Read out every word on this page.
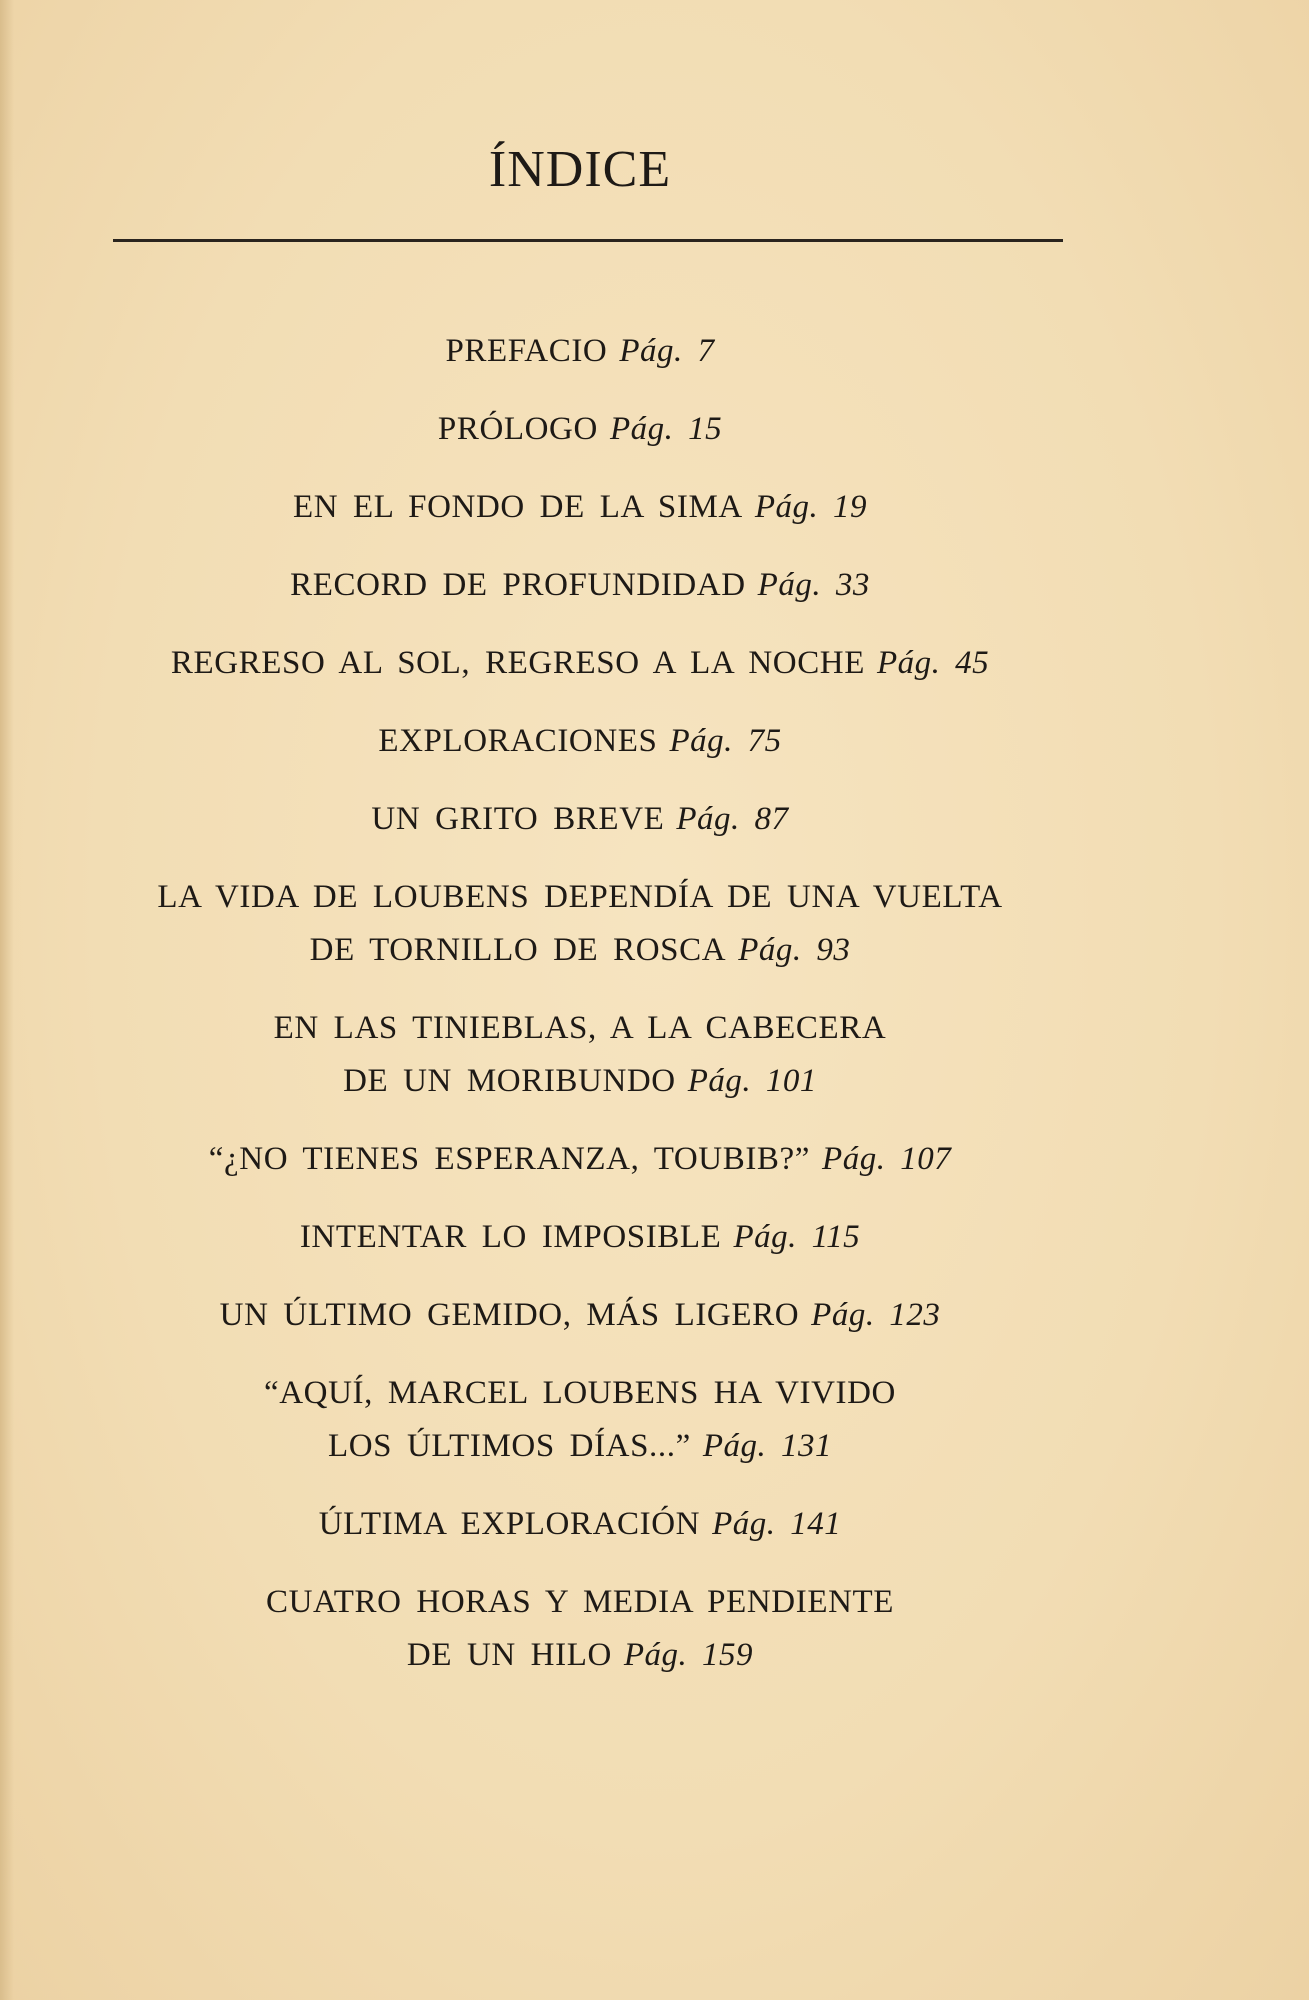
ÍNDICE
PREFACIO Pág. 7
PRÓLOGO Pág. 15
EN EL FONDO DE LA SIMA Pág. 19
RECORD DE PROFUNDIDAD Pág. 33
REGRESO AL SOL, REGRESO A LA NOCHE Pág. 45
EXPLORACIONES Pág. 75
UN GRITO BREVE Pág. 87
LA VIDA DE LOUBENS DEPENDÍA DE UNA VUELTA
DE TORNILLO DE ROSCA Pág. 93
EN LAS TINIEBLAS, A LA CABECERA
DE UN MORIBUNDO Pág. 101
“¿NO TIENES ESPERANZA, TOUBIB?” Pág. 107
INTENTAR LO IMPOSIBLE Pág. 115
UN ÚLTIMO GEMIDO, MÁS LIGERO Pág. 123
“AQUÍ, MARCEL LOUBENS HA VIVIDO
LOS ÚLTIMOS DÍAS...” Pág. 131
ÚLTIMA EXPLORACIÓN Pág. 141
CUATRO HORAS Y MEDIA PENDIENTE
DE UN HILO Pág. 159
